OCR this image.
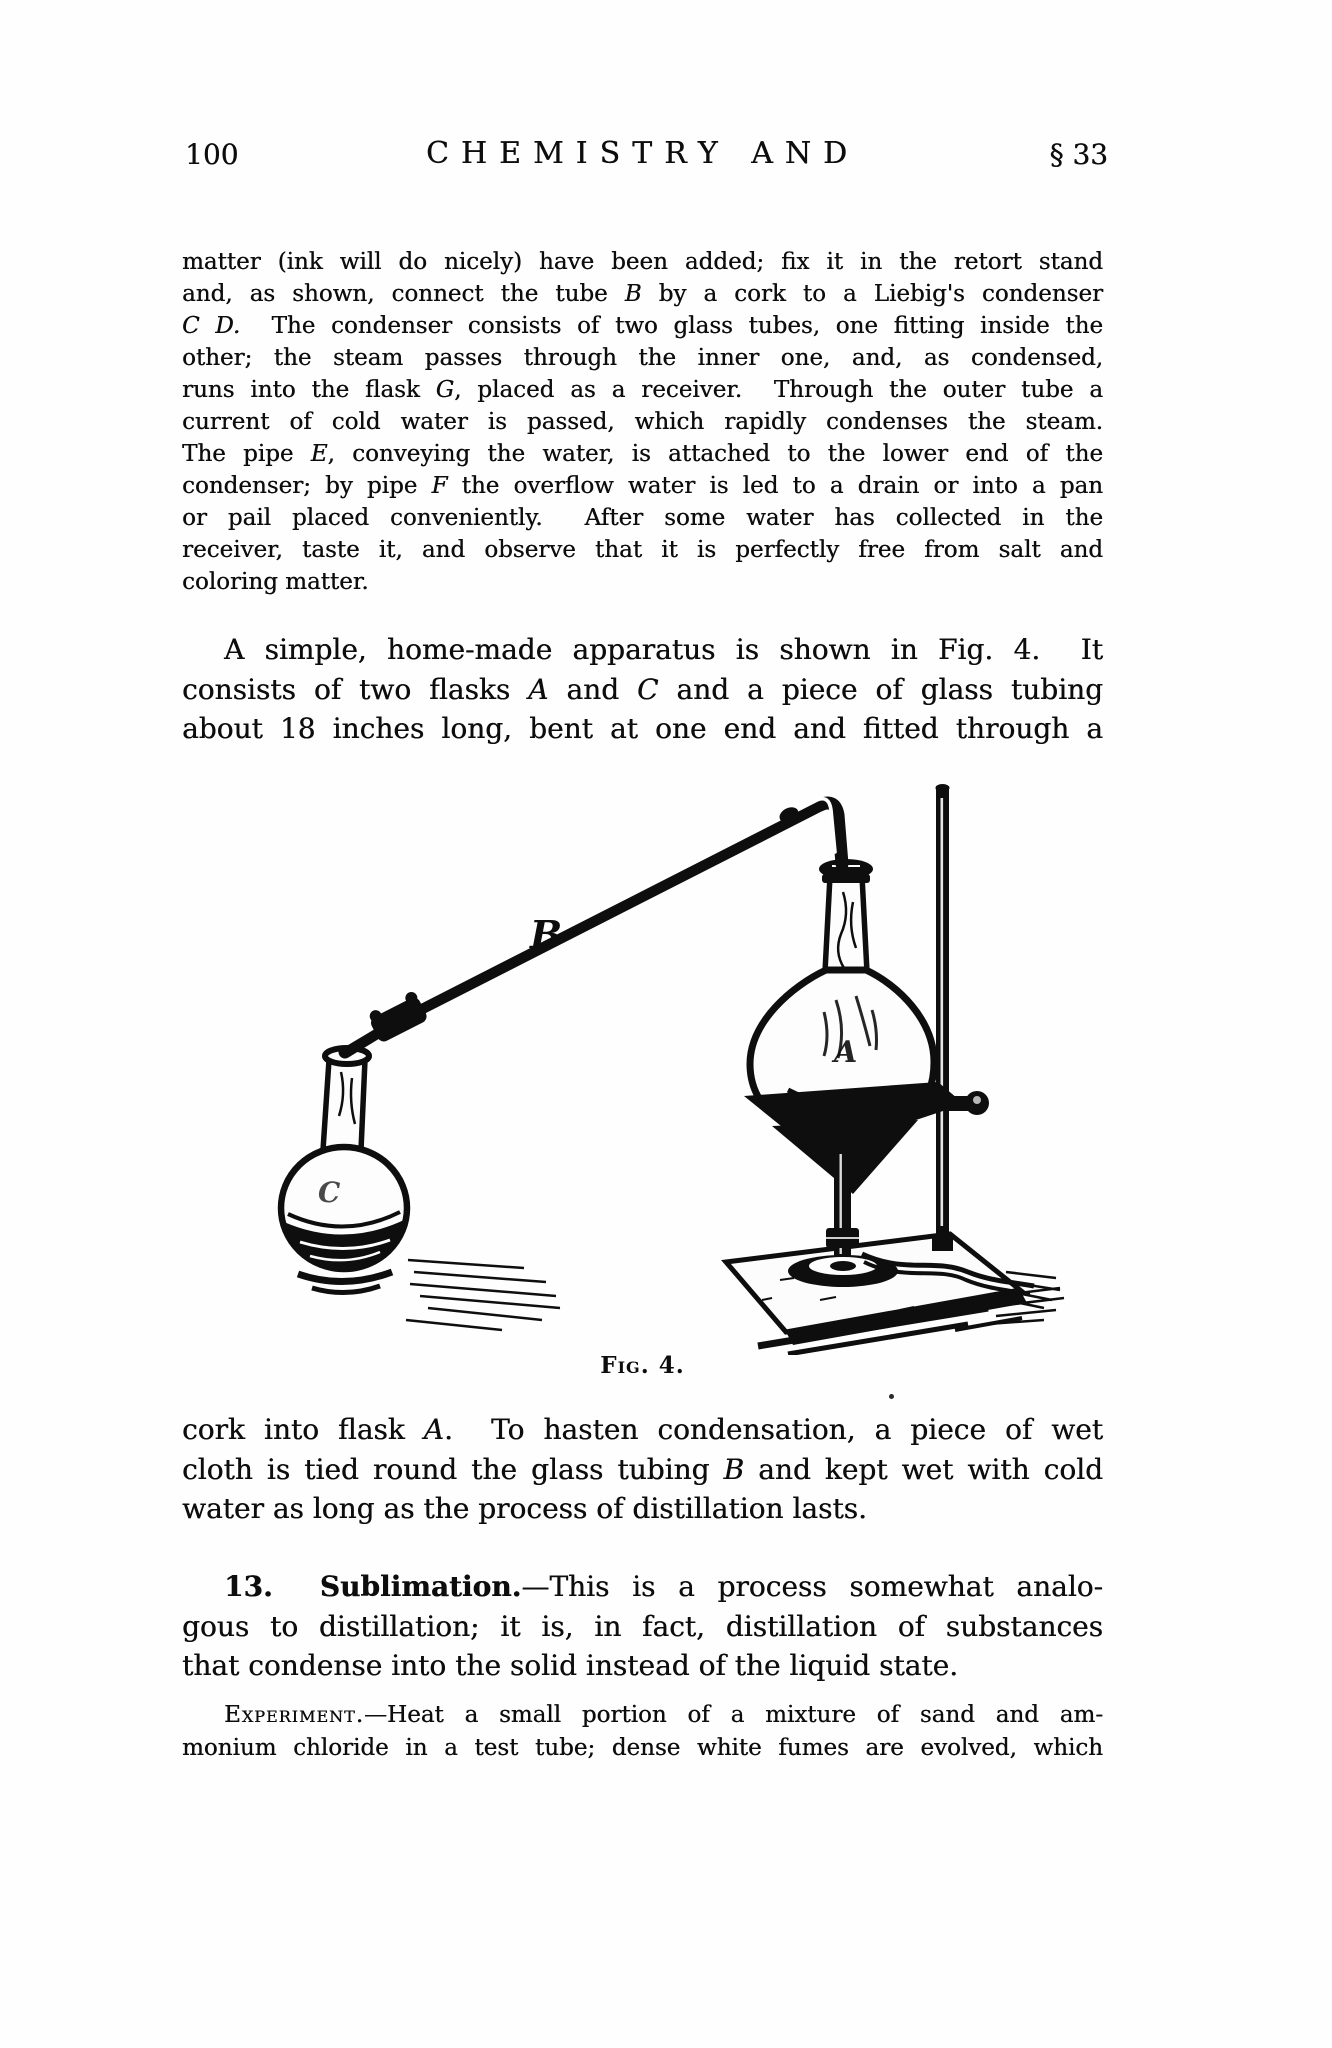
100	CHEMISTRY AND	§ 33
matter (ink will do nicely) have been added; fix it in the retort stand
and, as shown, connect the tube B by a cork to a Liebig's condenser
C D.  The condenser consists of two glass tubes, one fitting inside the
other; the steam passes through the inner one, and, as condensed,
runs into the flask G, placed as a receiver.  Through the outer tube a
current of cold water is passed, which rapidly condenses the steam.
The pipe E, conveying the water, is attached to the lower end of the
condenser; by pipe F the overflow water is led to a drain or into a pan
or pail placed conveniently.  After some water has collected in the
receiver, taste it, and observe that it is perfectly free from salt and
coloring matter.
A simple, home-made apparatus is shown in Fig. 4.  It
consists of two flasks A and C and a piece of glass tubing
about 18 inches long, bent at one end and fitted through a
A
C
B
Fig. 4.
cork into flask A.  To hasten condensation, a piece of wet
cloth is tied round the glass tubing B and kept wet with cold
water as long as the process of distillation lasts.
13.  Sublimation.—This is a process somewhat analo-
gous to distillation; it is, in fact, distillation of substances
that condense into the solid instead of the liquid state.
Experiment.—Heat a small portion of a mixture of sand and am-
monium chloride in a test tube; dense white fumes are evolved, which
